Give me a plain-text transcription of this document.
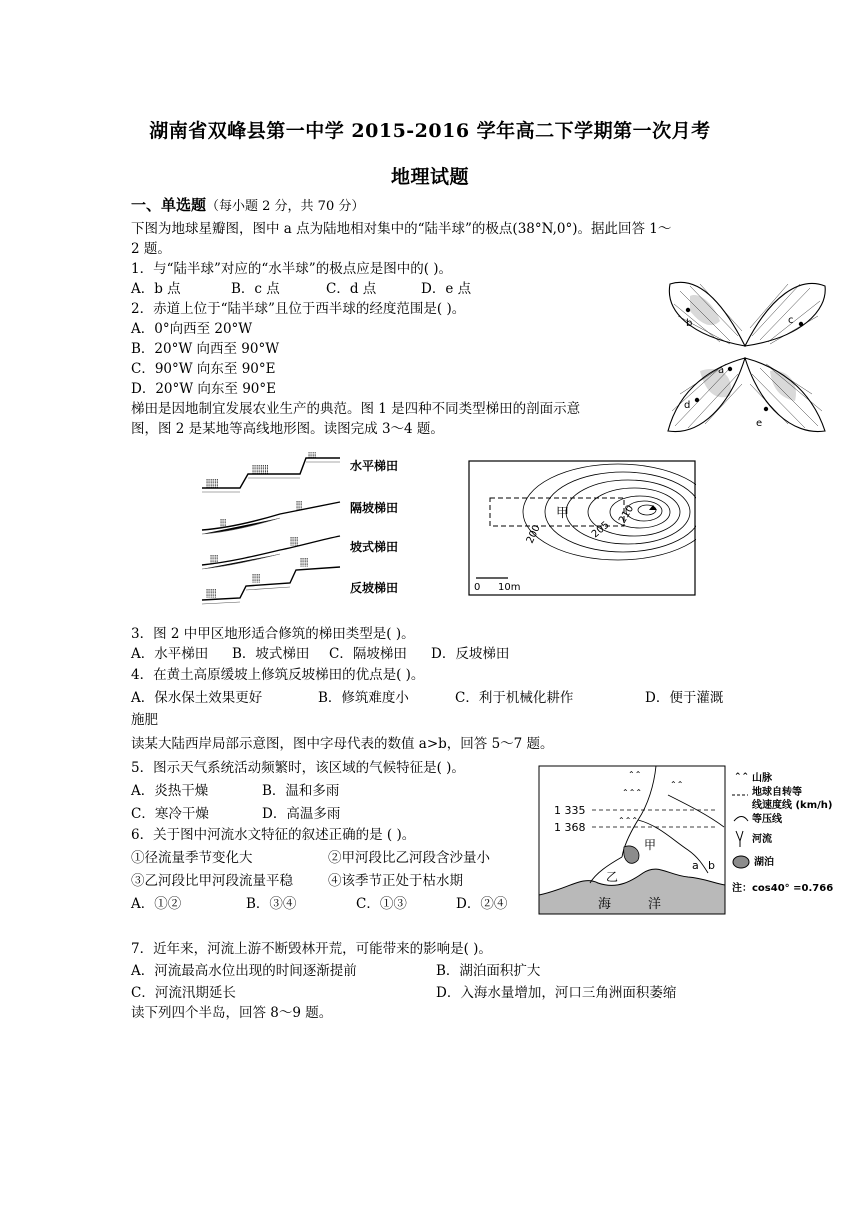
湖南省双峰县第一中学 2015-2016 学年高二下学期第一次月考
地理试题
一、单选题（每小题 2 分，共 70 分）
下图为地球星瓣图，图中 a 点为陆地相对集中的“陆半球”的极点(38°N,0°)。据此回答 1～
2 题。
1．与“陆半球”对应的“水半球”的极点应是图中的( )。
A．b 点	B．c 点	C．d 点	D．e 点
2．赤道上位于“陆半球”且位于西半球的经度范围是( )。
A．0°向西至 20°W
B．20°W 向西至 90°W
C．90°W 向东至 90°E
D．20°W 向东至 90°E
梯田是因地制宜发展农业生产的典范。图 1 是四种不同类型梯田的剖面示意
图，图 2 是某地等高线地形图。读图完成 3～4 题。
b
a
c
d
e
⸽⸽⸽⸽⸽⸽
⸽⸽⸽⸽⸽⸽⸽⸽
⸽⸽⸽⸽
⸽⸽⸽
⸽⸽⸽
⸽⸽⸽⸽
⸽⸽⸽⸽
⸽⸽⸽⸽⸽
⸽⸽⸽⸽
⸽⸽⸽⸽
水平梯田
隔坡梯田
坡式梯田
反坡梯田
甲
200	205
210
0 10m
3．图 2 中甲区地形适合修筑的梯田类型是( )。
A．水平梯田 B．坡式梯田 C．隔坡梯田 D．反坡梯田
4．在黄土高原缓坡上修筑反坡梯田的优点是( )。
A．保水保土效果更好	B．修筑难度小	C．利于机械化耕作	D．便于灌溉
施肥
读某大陆西岸局部示意图，图中字母代表的数值 a>b，回答 5～7 题。
5．图示天气系统活动频繁时，该区域的气候特征是( )。
A．炎热干燥	B．温和多雨
C．寒冷干燥	D．高温多雨
6．关于图中河流水文特征的叙述正确的是 ( )。
①径流量季节变化大	②甲河段比乙河段含沙量小
③乙河段比甲河段流量平稳	④该季节正处于枯水期
A．①②	B．③④	C．①③	D．②④	海	洋
⌃⌃
⌃⌃⌃
⌃⌃⌃
⌃⌃
1 335
1 368
甲
乙
a b
⌃⌃ 山脉
地球自转等
线速度线 (km/h)
等压线
河流
湖泊
注：cos40° =0.766
7．近年来，河流上游不断毁林开荒，可能带来的影响是( )。
A．河流最高水位出现的时间逐渐提前	B．湖泊面积扩大
C．河流汛期延长	D．入海水量增加，河口三角洲面积萎缩
读下列四个半岛，回答 8～9 题。
